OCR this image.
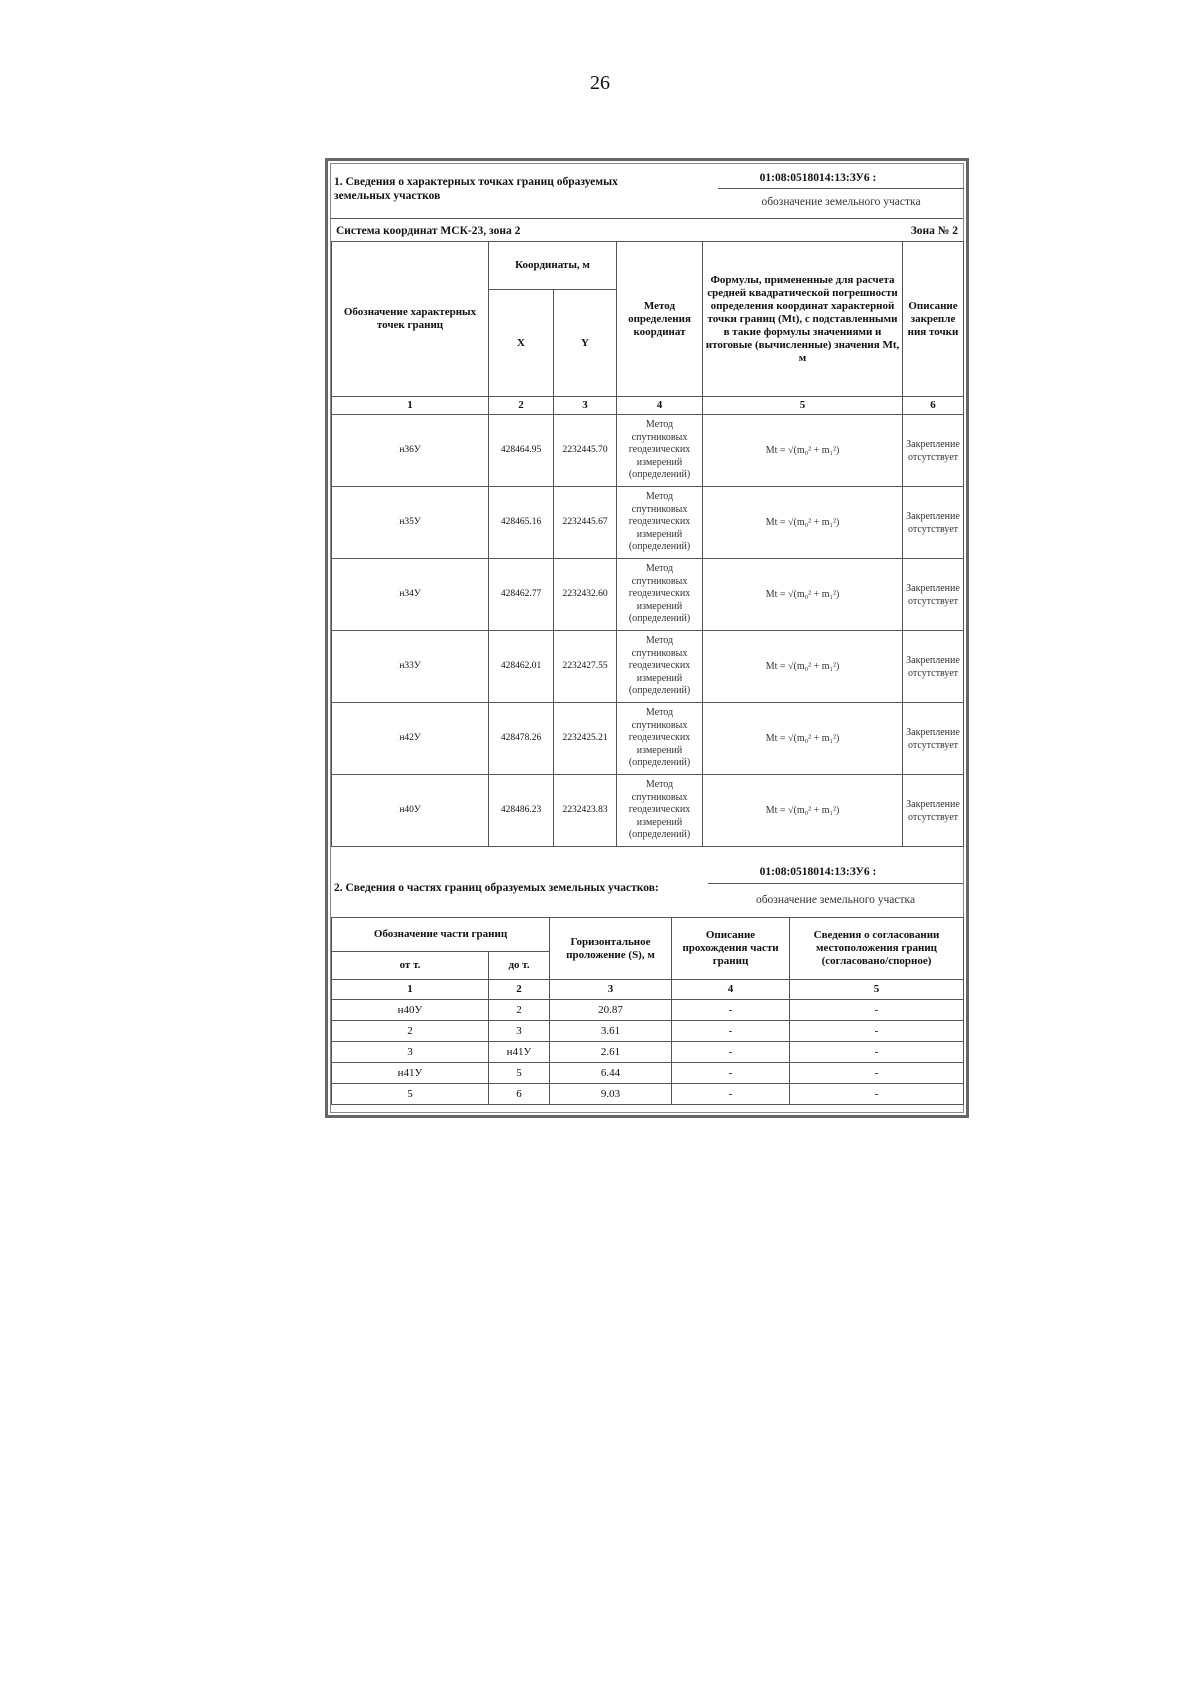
26
1. Сведения о характерных точках границ образуемых земельных участков
01:08:0518014:13:ЗУ6 :
обозначение земельного участка
Система координат МСК-23, зона 2	Зона № 2
Обозначение характерных точек границ	Координаты, м		Метод определения координат	Формулы, примененные для расчета средней квадратической погрешности определения координат характерной точки границ (Mt), с подставленными в такие формулы значениями и итоговые (вычисленные) значения Mt, м	Описание закрепле ния точки
	X	Y			
1	2	3	4	5	6
н36У	428464.95	2232445.70	Метод спутниковых геодезических измерений (определений)	Mt = √(m₀² + m₁²)	Закрепление отсутствует
н35У	428465.16	2232445.67	Метод спутниковых геодезических измерений (определений)	Mt = √(m₀² + m₁²)	Закрепление отсутствует
н34У	428462.77	2232432.60	Метод спутниковых геодезических измерений (определений)	Mt = √(m₀² + m₁²)	Закрепление отсутствует
н33У	428462.01	2232427.55	Метод спутниковых геодезических измерений (определений)	Mt = √(m₀² + m₁²)	Закрепление отсутствует
н42У	428478.26	2232425.21	Метод спутниковых геодезических измерений (определений)	Mt = √(m₀² + m₁²)	Закрепление отсутствует
н40У	428486.23	2232423.83	Метод спутниковых геодезических измерений (определений)	Mt = √(m₀² + m₁²)	Закрепление отсутствует
01:08:0518014:13:ЗУ6 :
2. Сведения о частях границ образуемых земельных участков:
обозначение земельного участка
Обозначение части границ		Горизонтальное проложение (S), м	Описание прохождения части границ	Сведения о согласовании местоположения границ (согласовано/спорное)
от т.	до т.			
1	2	3	4	5
н40У	2	20.87	-	-
2	3	3.61	-	-
3	н41У	2.61	-	-
н41У	5	6.44	-	-
5	6	9.03	-	-
